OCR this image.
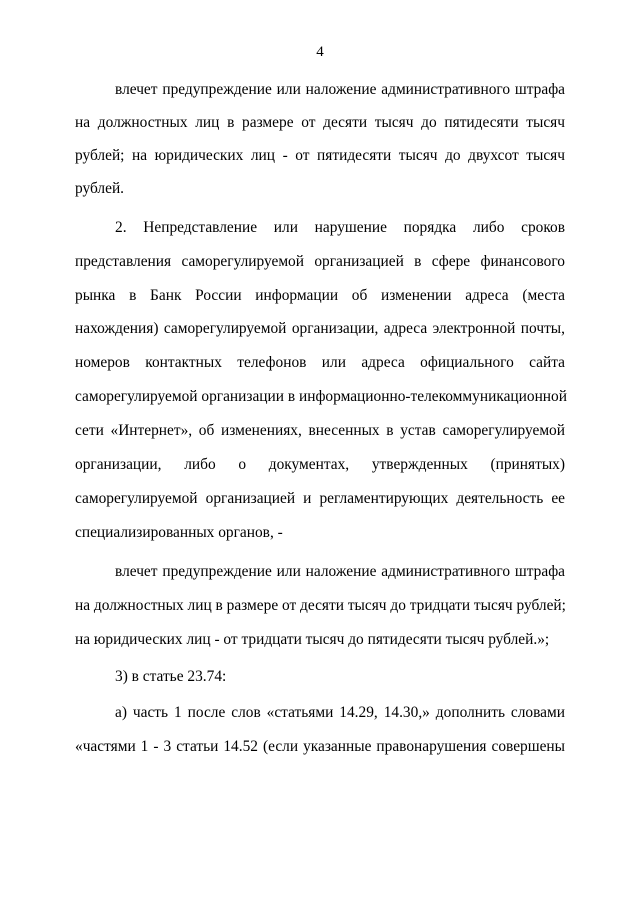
4
влечет предупреждение или наложение административного штрафа
на должностных лиц в размере от десяти тысяч до пятидесяти тысяч
рублей; на юридических лиц - от пятидесяти тысяч до двухсот тысяч
рублей.
2. Непредставление или нарушение порядка либо сроков
представления саморегулируемой организацией в сфере финансового
рынка в Банк России информации об изменении адреса (места
нахождения) саморегулируемой организации, адреса электронной почты,
номеров контактных телефонов или адреса официального сайта
саморегулируемой организации в информационно-телекоммуникационной
сети «Интернет», об изменениях, внесенных в устав саморегулируемой
организации, либо о документах, утвержденных (принятых)
саморегулируемой организацией и регламентирующих деятельность ее
специализированных органов, -
влечет предупреждение или наложение административного штрафа
на должностных лиц в размере от десяти тысяч до тридцати тысяч рублей;
на юридических лиц - от тридцати тысяч до пятидесяти тысяч рублей.»;
3) в статье 23.74:
а) часть 1 после слов «статьями 14.29, 14.30,» дополнить словами
«частями 1 - 3 статьи 14.52 (если указанные правонарушения совершены
